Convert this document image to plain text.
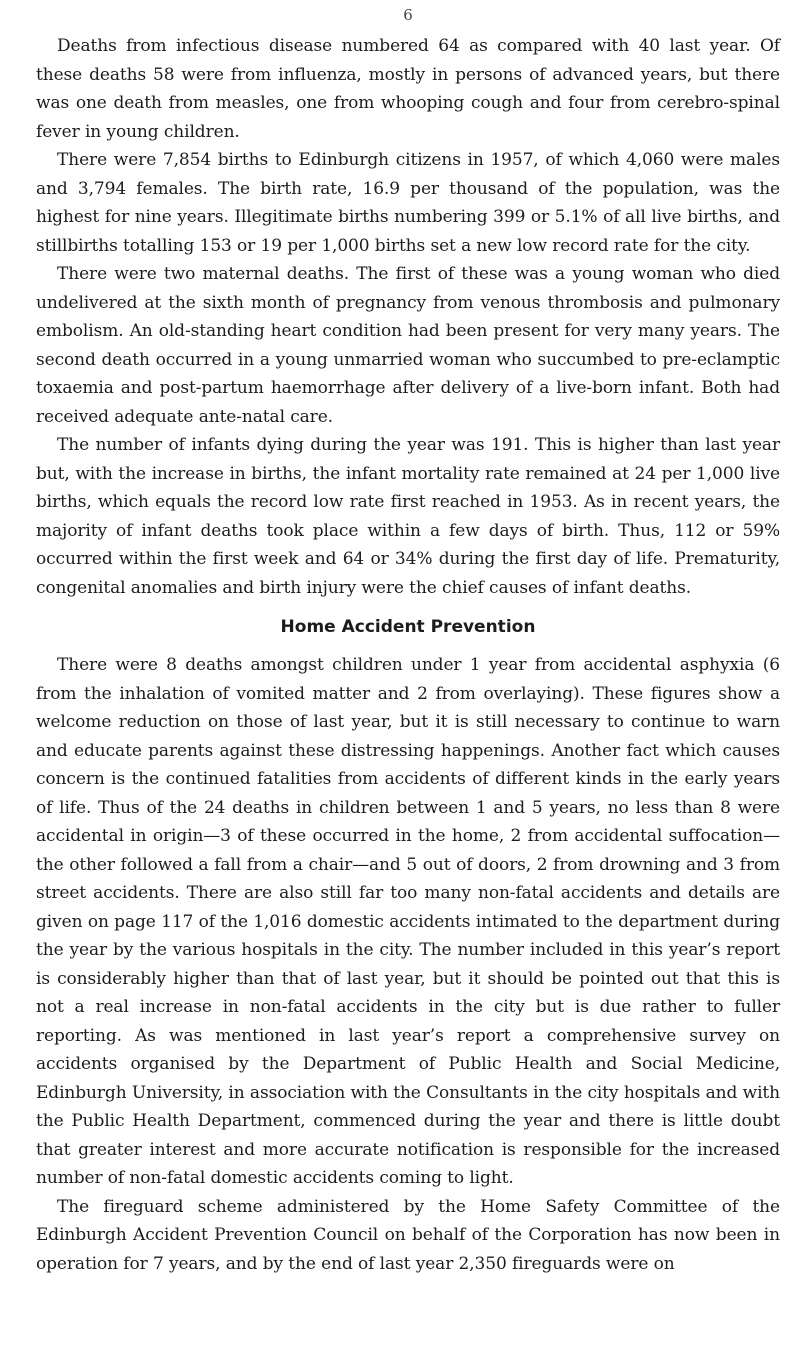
6

Deaths from infectious disease numbered 64 as compared with 40 last year. Of these deaths 58 were from influenza, mostly in persons of advanced years, but there was one death from measles, one from whooping cough and four from cerebro-spinal fever in young children.

There were 7,854 births to Edinburgh citizens in 1957, of which 4,060 were males and 3,794 females. The birth rate, 16.9 per thousand of the population, was the highest for nine years. Illegitimate births numbering 399 or 5.1% of all live births, and stillbirths totalling 153 or 19 per 1,000 births set a new low record rate for the city.

There were two maternal deaths. The first of these was a young woman who died undelivered at the sixth month of pregnancy from venous thrombosis and pulmonary embolism. An old-standing heart condition had been present for very many years. The second death occurred in a young unmarried woman who succumbed to pre-eclamptic toxaemia and post-partum haemorrhage after delivery of a live-born infant. Both had received adequate ante-natal care.

The number of infants dying during the year was 191. This is higher than last year but, with the increase in births, the infant mortality rate remained at 24 per 1,000 live births, which equals the record low rate first reached in 1953. As in recent years, the majority of infant deaths took place within a few days of birth. Thus, 112 or 59% occurred within the first week and 64 or 34% during the first day of life. Prematurity, congenital anomalies and birth injury were the chief causes of infant deaths.

Home Accident Prevention

There were 8 deaths amongst children under 1 year from accidental asphyxia (6 from the inhalation of vomited matter and 2 from overlaying). These figures show a welcome reduction on those of last year, but it is still necessary to continue to warn and educate parents against these distressing happenings. Another fact which causes concern is the continued fatalities from accidents of different kinds in the early years of life. Thus of the 24 deaths in children between 1 and 5 years, no less than 8 were accidental in origin—3 of these occurred in the home, 2 from accidental suffocation—the other followed a fall from a chair—and 5 out of doors, 2 from drowning and 3 from street accidents. There are also still far too many non-fatal accidents and details are given on page 117 of the 1,016 domestic accidents intimated to the department during the year by the various hospitals in the city. The number included in this year’s report is considerably higher than that of last year, but it should be pointed out that this is not a real increase in non-fatal accidents in the city but is due rather to fuller reporting. As was mentioned in last year’s report a comprehensive survey on accidents organised by the Department of Public Health and Social Medicine, Edinburgh University, in association with the Consultants in the city hospitals and with the Public Health Department, commenced during the year and there is little doubt that greater interest and more accurate notification is responsible for the increased number of non-fatal domestic accidents coming to light.

The fireguard scheme administered by the Home Safety Committee of the Edinburgh Accident Prevention Council on behalf of the Corporation has now been in operation for 7 years, and by the end of last year 2,350 fireguards were on
